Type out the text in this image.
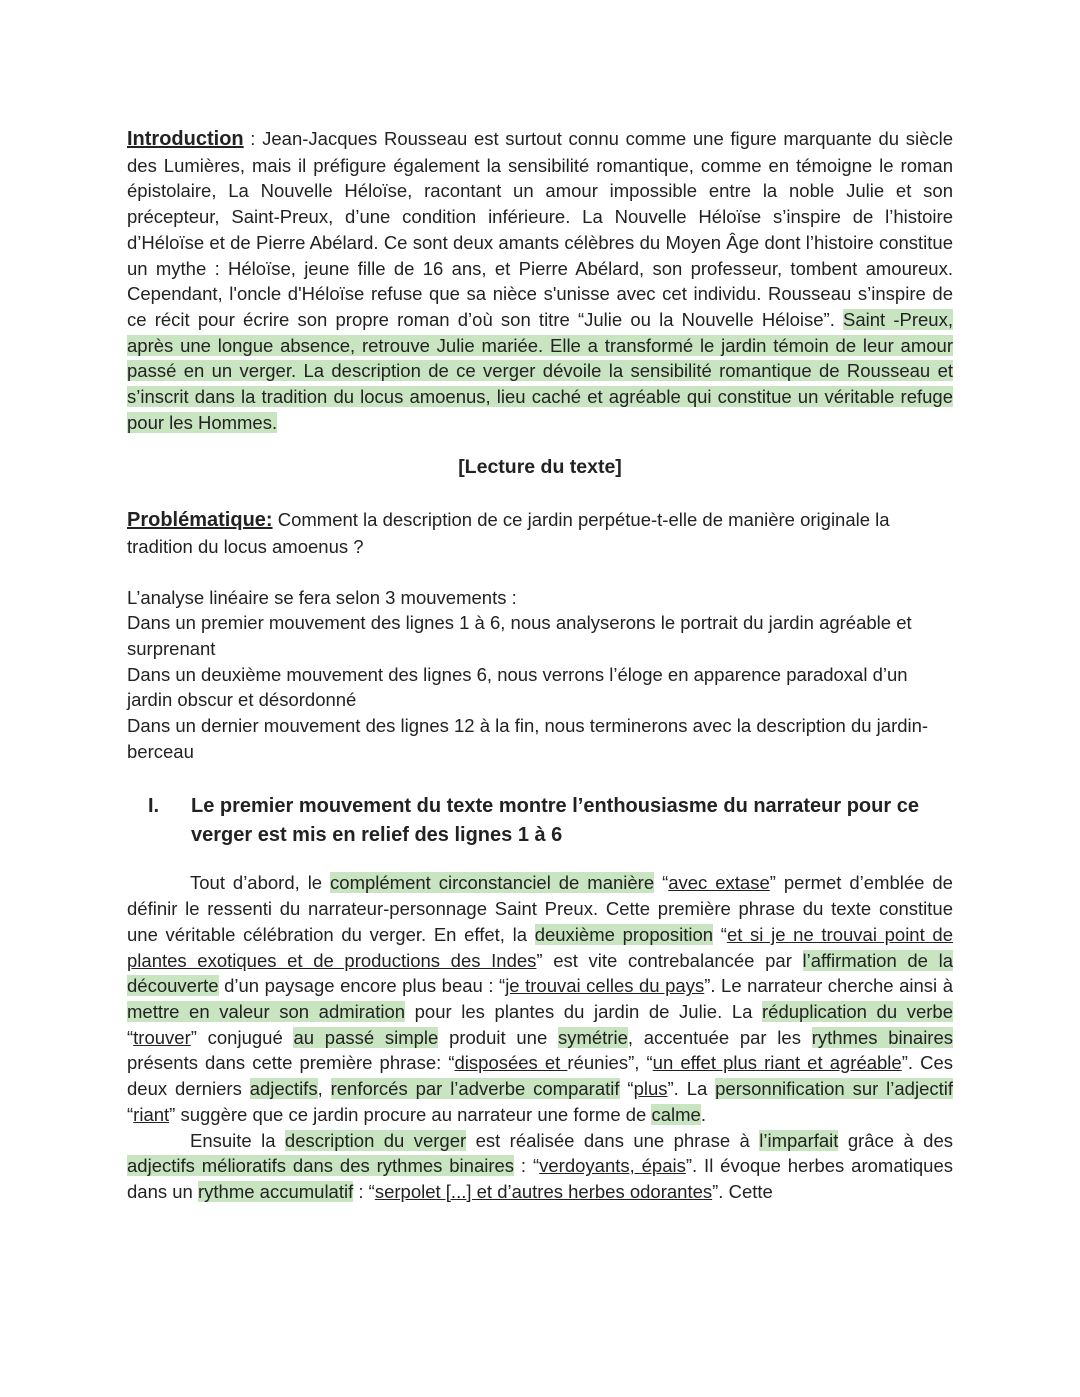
Introduction : Jean-Jacques Rousseau est surtout connu comme une figure marquante du siècle des Lumières, mais il préfigure également la sensibilité romantique, comme en témoigne le roman épistolaire, La Nouvelle Héloïse, racontant un amour impossible entre la noble Julie et son précepteur, Saint-Preux, d’une condition inférieure. La Nouvelle Héloïse s’inspire de l’histoire d’Héloïse et de Pierre Abélard. Ce sont deux amants célèbres du Moyen Âge dont l’histoire constitue un mythe : Héloïse, jeune fille de 16 ans, et Pierre Abélard, son professeur, tombent amoureux. Cependant, l'oncle d'Héloïse refuse que sa nièce s'unisse avec cet individu. Rousseau s’inspire de ce récit pour écrire son propre roman d’où son titre “Julie ou la Nouvelle Héloise”. Saint -Preux, après une longue absence, retrouve Julie mariée. Elle a transformé le jardin témoin de leur amour passé en un verger. La description de ce verger dévoile la sensibilité romantique de Rousseau et s’inscrit dans la tradition du locus amoenus, lieu caché et agréable qui constitue un véritable refuge pour les Hommes.

[Lecture du texte]

Problématique: Comment la description de ce jardin perpétue-t-elle de manière originale la tradition du locus amoenus ?

L’analyse linéaire se fera selon 3 mouvements :

Dans un premier mouvement des lignes 1 à 6, nous analyserons le portrait du jardin agréable et surprenant

Dans un deuxième mouvement des lignes 6, nous verrons l’éloge en apparence paradoxal d’un jardin obscur et désordonné

Dans un dernier mouvement des lignes 12 à la fin, nous terminerons avec la description du jardin-berceau

I.	Le premier mouvement du texte montre l’enthousiasme du narrateur pour ce verger est mis en relief des lignes 1 à 6

Tout d’abord, le complément circonstanciel de manière “avec extase” permet d’emblée de définir le ressenti du narrateur-personnage Saint Preux. Cette première phrase du texte constitue une véritable célébration du verger. En effet, la deuxième proposition “et si je ne trouvai point de plantes exotiques et de productions des Indes” est vite contrebalancée par l’affirmation de la découverte d’un paysage encore plus beau : “je trouvai celles du pays”. Le narrateur cherche ainsi à mettre en valeur son admiration pour les plantes du jardin de Julie. La réduplication du verbe “trouver” conjugué au passé simple produit une symétrie, accentuée par les rythmes binaires présents dans cette première phrase: “disposées et réunies”, “un effet plus riant et agréable”. Ces deux derniers adjectifs, renforcés par l’adverbe comparatif “plus”. La personnification sur l’adjectif “riant” suggère que ce jardin procure au narrateur une forme de calme.

Ensuite la description du verger est réalisée dans une phrase à l’imparfait grâce à des adjectifs mélioratifs dans des rythmes binaires : “verdoyants, épais”. Il évoque herbes aromatiques dans un rythme accumulatif : “serpolet [...] et d’autres herbes odorantes”. Cette
